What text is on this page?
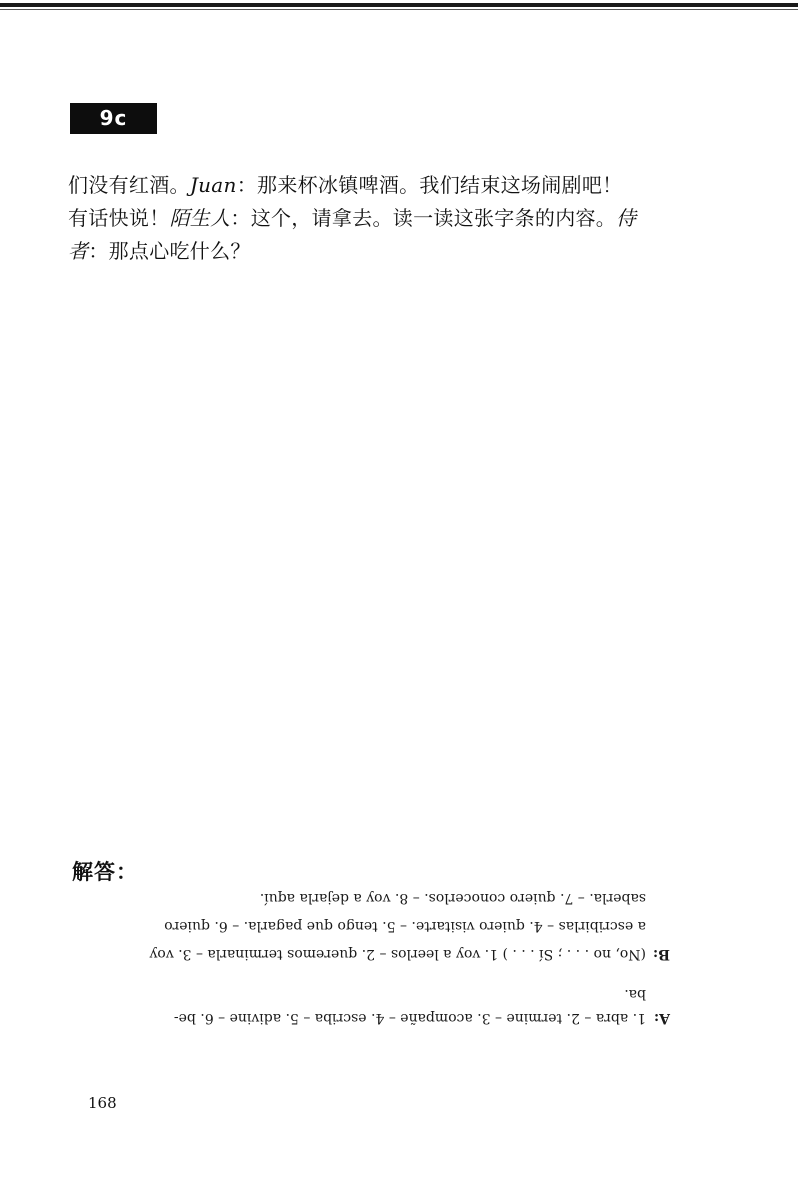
9c
们没有红酒。Juan：那来杯冰镇啤酒。我们结束这场闹剧吧！
有话快说！陌生人：这个，请拿去。读一读这张字条的内容。侍
者：那点心吃什么？
解答：
A:1. abra – 2. termine – 3. acompañe – 4. escriba – 5. adivine – 6. be-
ba.
B:(No, no . . . ; Sí . . . ) 1. voy a leerlos – 2. queremos terminarla – 3. voy
a escribirlas – 4. quiero visitarte. – 5. tengo que pagarla. – 6. quiero
saberla. – 7. quiero conocerlos. – 8. voy a dejarla aquí.
168
